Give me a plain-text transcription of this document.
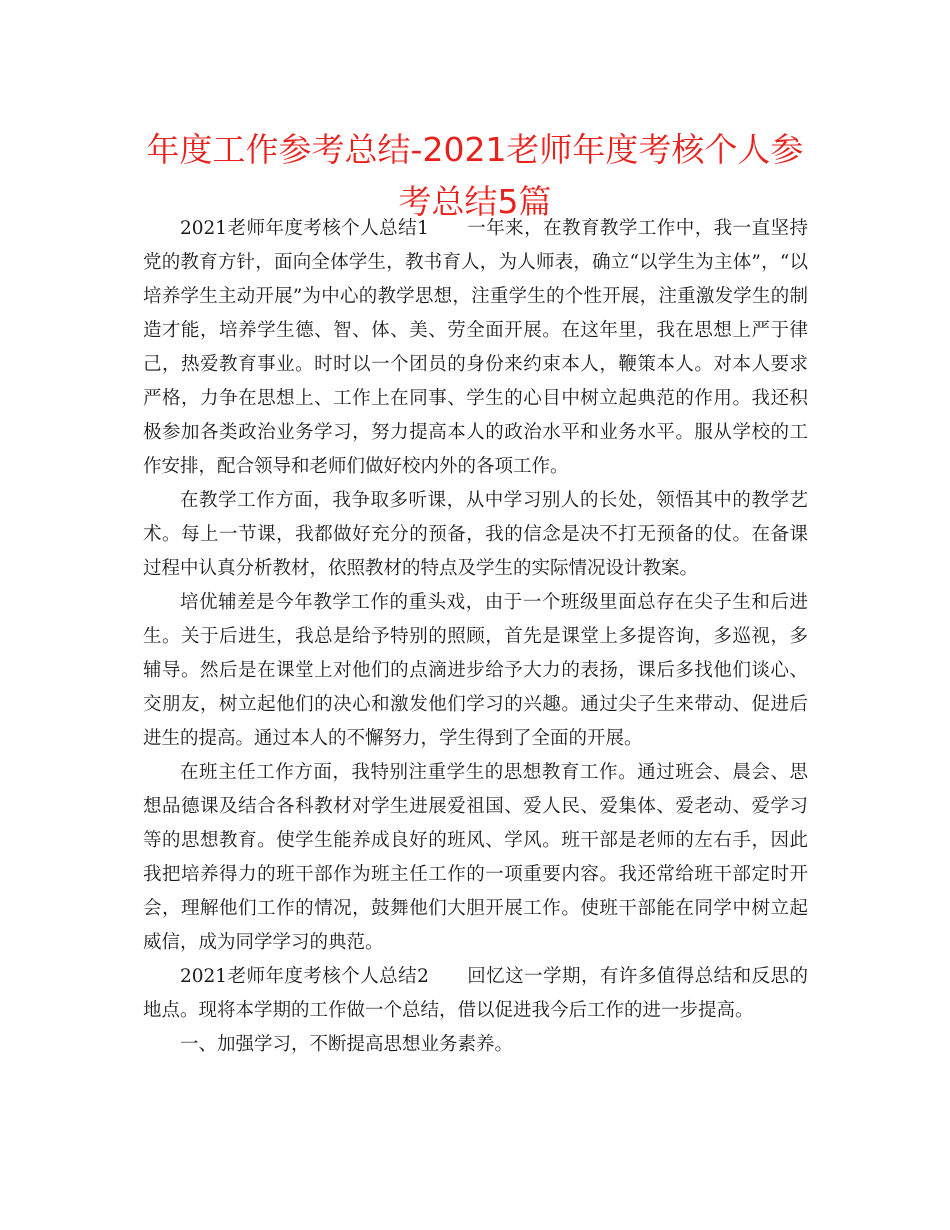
年度工作参考总结-2021老师年度考核个人参考总结5篇

2021老师年度考核个人总结1　　一年来，在教育教学工作中，我一直坚持党的教育方针，面向全体学生，教书育人，为人师表，确立“以学生为主体”，“以培养学生主动开展”为中心的教学思想，注重学生的个性开展，注重激发学生的制造才能，培养学生德、智、体、美、劳全面开展。在这年里，我在思想上严于律己，热爱教育事业。时时以一个团员的身份来约束本人，鞭策本人。对本人要求严格，力争在思想上、工作上在同事、学生的心目中树立起典范的作用。我还积极参加各类政治业务学习，努力提高本人的政治水平和业务水平。服从学校的工作安排，配合领导和老师们做好校内外的各项工作。

在教学工作方面，我争取多听课，从中学习别人的长处，领悟其中的教学艺术。每上一节课，我都做好充分的预备，我的信念是决不打无预备的仗。在备课过程中认真分析教材，依照教材的特点及学生的实际情况设计教案。

培优辅差是今年教学工作的重头戏，由于一个班级里面总存在尖子生和后进生。关于后进生，我总是给予特别的照顾，首先是课堂上多提咨询，多巡视，多辅导。然后是在课堂上对他们的点滴进步给予大力的表扬，课后多找他们谈心、交朋友，树立起他们的决心和激发他们学习的兴趣。通过尖子生来带动、促进后进生的提高。通过本人的不懈努力，学生得到了全面的开展。

在班主任工作方面，我特别注重学生的思想教育工作。通过班会、晨会、思想品德课及结合各科教材对学生进展爱祖国、爱人民、爱集体、爱老动、爱学习等的思想教育。使学生能养成良好的班风、学风。班干部是老师的左右手，因此我把培养得力的班干部作为班主任工作的一项重要内容。我还常给班干部定时开会，理解他们工作的情况，鼓舞他们大胆开展工作。使班干部能在同学中树立起威信，成为同学学习的典范。

2021老师年度考核个人总结2　　回忆这一学期，有许多值得总结和反思的地点。现将本学期的工作做一个总结，借以促进我今后工作的进一步提高。

一、加强学习，不断提高思想业务素养。
